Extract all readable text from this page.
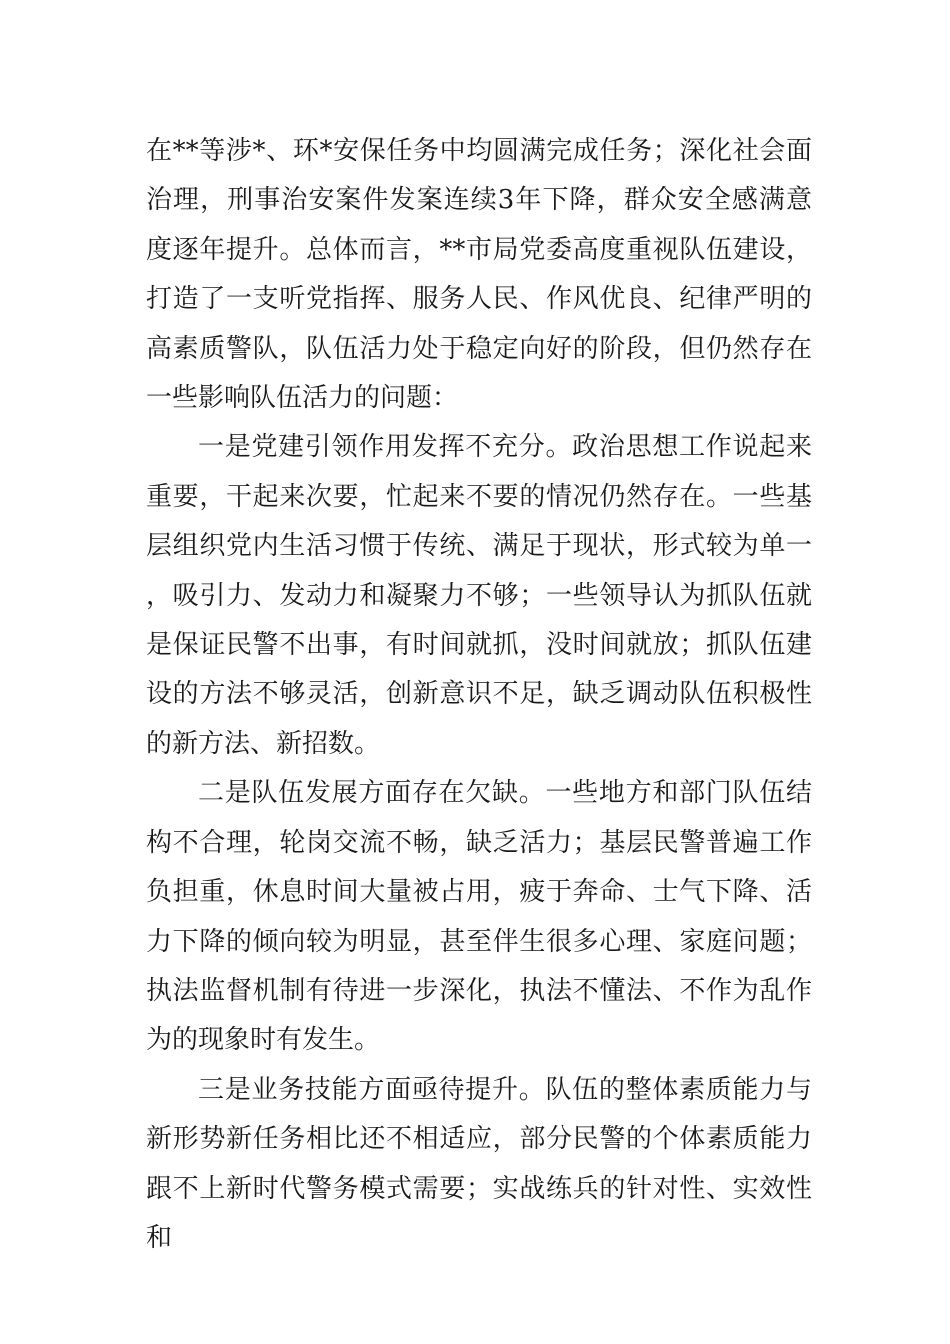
在**等涉*、环*安保任务中均圆满完成任务；深化社会面治理，刑事治安案件发案连续3年下降，群众安全感满意度逐年提升。总体而言，**市局党委高度重视队伍建设，打造了一支听党指挥、服务人民、作风优良、纪律严明的高素质警队，队伍活力处于稳定向好的阶段，但仍然存在一些影响队伍活力的问题：

一是党建引领作用发挥不充分。政治思想工作说起来重要，干起来次要，忙起来不要的情况仍然存在。一些基层组织党内生活习惯于传统、满足于现状，形式较为单一，吸引力、发动力和凝聚力不够；一些领导认为抓队伍就是保证民警不出事，有时间就抓，没时间就放；抓队伍建设的方法不够灵活，创新意识不足，缺乏调动队伍积极性的新方法、新招数。

二是队伍发展方面存在欠缺。一些地方和部门队伍结构不合理，轮岗交流不畅，缺乏活力；基层民警普遍工作负担重，休息时间大量被占用，疲于奔命、士气下降、活力下降的倾向较为明显，甚至伴生很多心理、家庭问题；执法监督机制有待进一步深化，执法不懂法、不作为乱作为的现象时有发生。

三是业务技能方面亟待提升。队伍的整体素质能力与新形势新任务相比还不相适应，部分民警的个体素质能力跟不上新时代警务模式需要；实战练兵的针对性、实效性和
